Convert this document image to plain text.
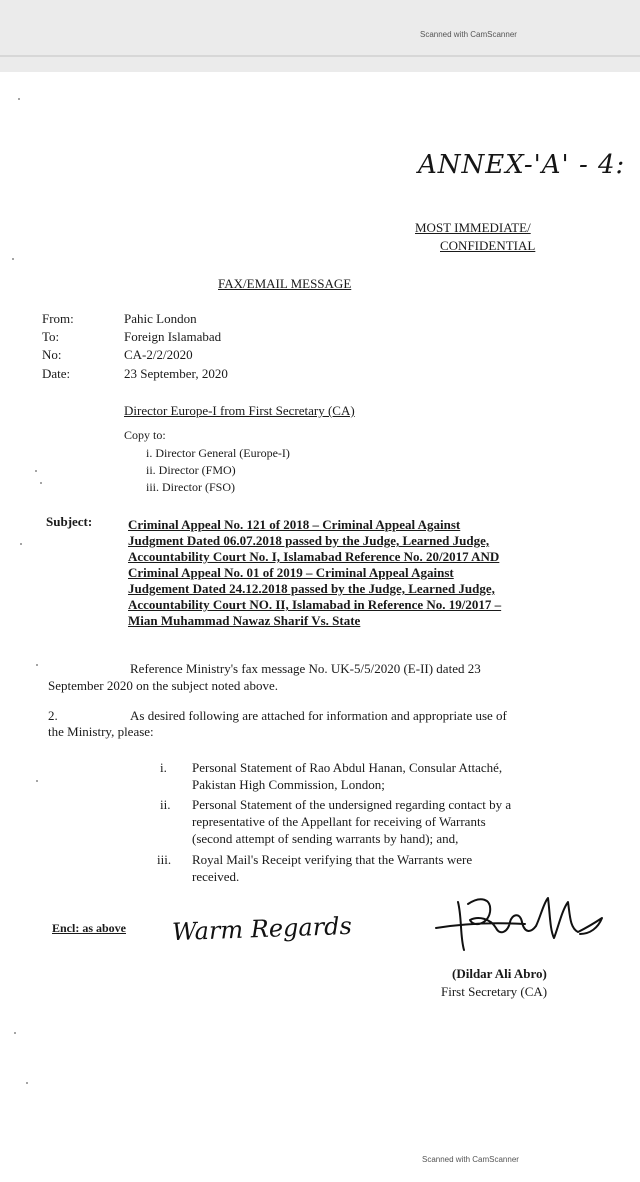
Scanned with CamScanner
ANNEX-'A' - 4:
MOST IMMEDIATE/
CONFIDENTIAL
FAX/EMAIL MESSAGE
From:	Pahic London
To:	Foreign Islamabad
No:	CA-2/2/2020
Date:	23 September, 2020
Director Europe-I from First Secretary (CA)
Copy to:
i. Director General (Europe-I)
ii. Director (FMO)
iii. Director (FSO)
Subject:	Criminal Appeal No. 121 of 2018 – Criminal Appeal Against
Judgment Dated 06.07.2018 passed by the Judge, Learned Judge,
Accountability Court No. I, Islamabad Reference No. 20/2017 AND
Criminal Appeal No. 01 of 2019 – Criminal Appeal Against
Judgement Dated 24.12.2018 passed by the Judge, Learned Judge,
Accountability Court NO. II, Islamabad in Reference No. 19/2017 –
Mian Muhammad Nawaz Sharif Vs. State
Reference Ministry's fax message No. UK-5/5/2020 (E-II) dated 23
September 2020 on the subject noted above.
2.	As desired following are attached for information and appropriate use of
the Ministry, please:
i. Personal Statement of Rao Abdul Hanan, Consular Attaché,
Pakistan High Commission, London;
ii. Personal Statement of the undersigned regarding contact by a
representative of the Appellant for receiving of Warrants
(second attempt of sending warrants by hand); and,
iii. Royal Mail's Receipt verifying that the Warrants were
received.
Encl: as above Warm Regards
(Dildar Ali Abro)
First Secretary (CA)
Scanned with CamScanner
